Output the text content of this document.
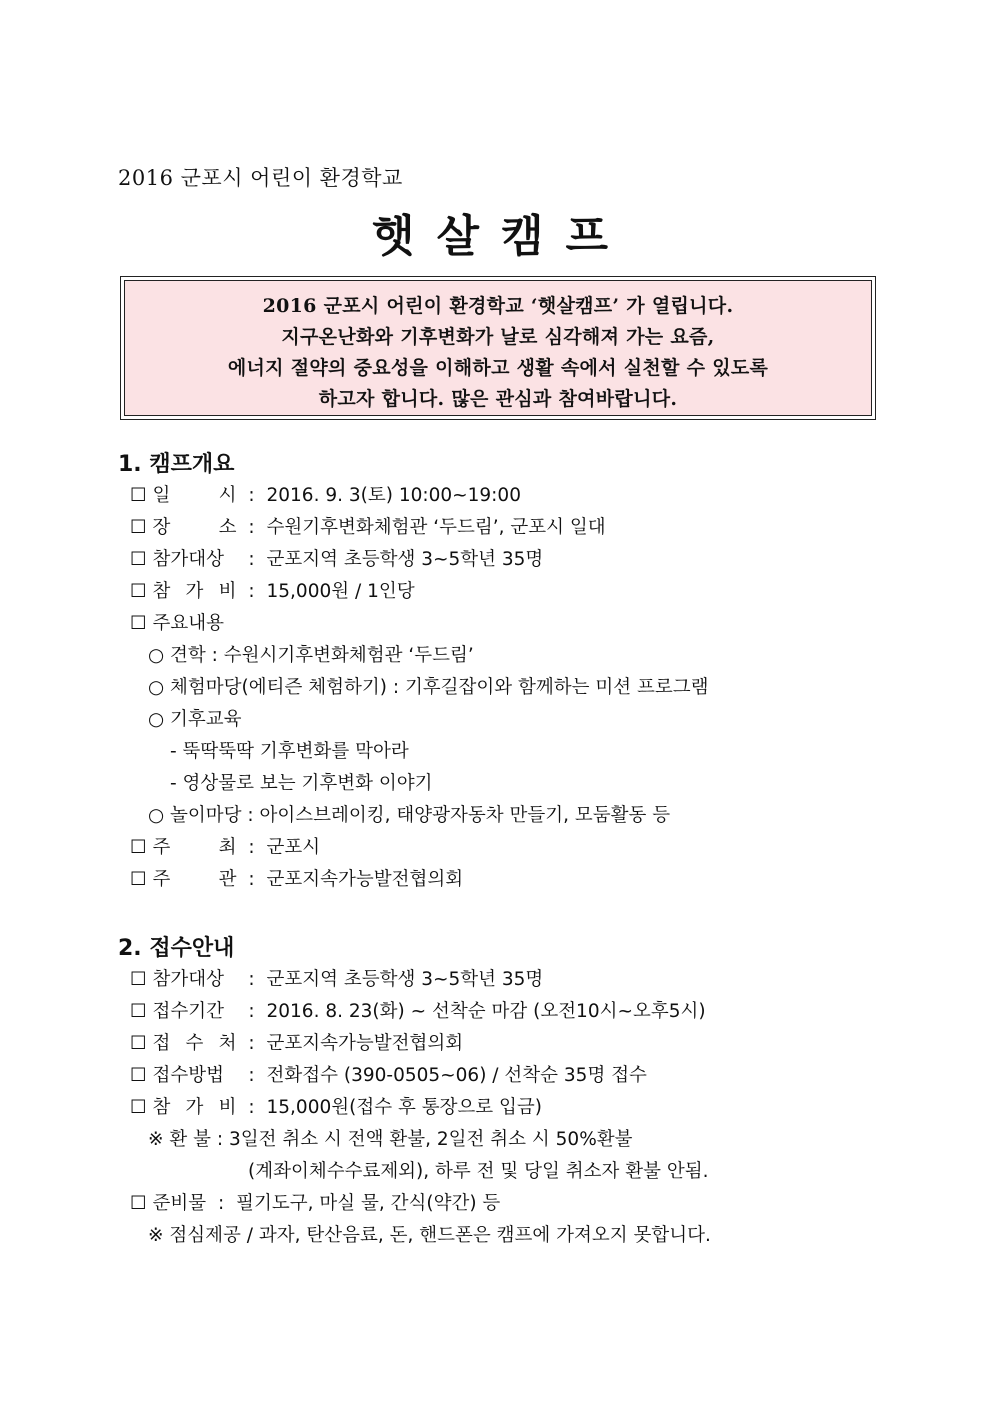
2016 군포시 어린이 환경학교
햇살캠프
2016 군포시 어린이 환경학교 ‘햇살캠프’ 가 열립니다.
지구온난화와 기후변화가 날로 심각해져 가는 요즘,
에너지 절약의 중요성을 이해하고 생활 속에서 실천할 수 있도록
하고자 합니다. 많은 관심과 참여바랍니다.
1. 캠프개요
☐ 일 시 : 2016. 9. 3(토) 10:00~19:00
☐ 장 소 : 수원기후변화체험관 ‘두드림’, 군포시 일대
☐ 참가대상 : 군포지역 초등학생 3~5학년 35명
☐ 참 가 비 : 15,000원 / 1인당
☐ 주요내용
○ 견학 : 수원시기후변화체험관 ‘두드림’
○ 체험마당(에티즌 체험하기) : 기후길잡이와 함께하는 미션 프로그램
○ 기후교육
- 뚝딱뚝딱 기후변화를 막아라
- 영상물로 보는 기후변화 이야기
○ 놀이마당 : 아이스브레이킹, 태양광자동차 만들기, 모둠활동 등
☐ 주 최 : 군포시
☐ 주 관 : 군포지속가능발전협의회
2. 접수안내
☐ 참가대상 : 군포지역 초등학생 3~5학년 35명
☐ 접수기간 : 2016. 8. 23(화) ~ 선착순 마감 (오전10시~오후5시)
☐ 접 수 처 : 군포지속가능발전협의회
☐ 접수방법 : 전화접수 (390-0505~06) / 선착순 35명 접수
☐ 참 가 비 : 15,000원(접수 후 통장으로 입금)
※ 환 불 : 3일전 취소 시 전액 환불, 2일전 취소 시 50%환불
(계좌이체수수료제외), 하루 전 및 당일 취소자 환불 안됨.
☐ 준비물 : 필기도구, 마실 물, 간식(약간) 등
※ 점심제공 / 과자, 탄산음료, 돈, 핸드폰은 캠프에 가져오지 못합니다.
